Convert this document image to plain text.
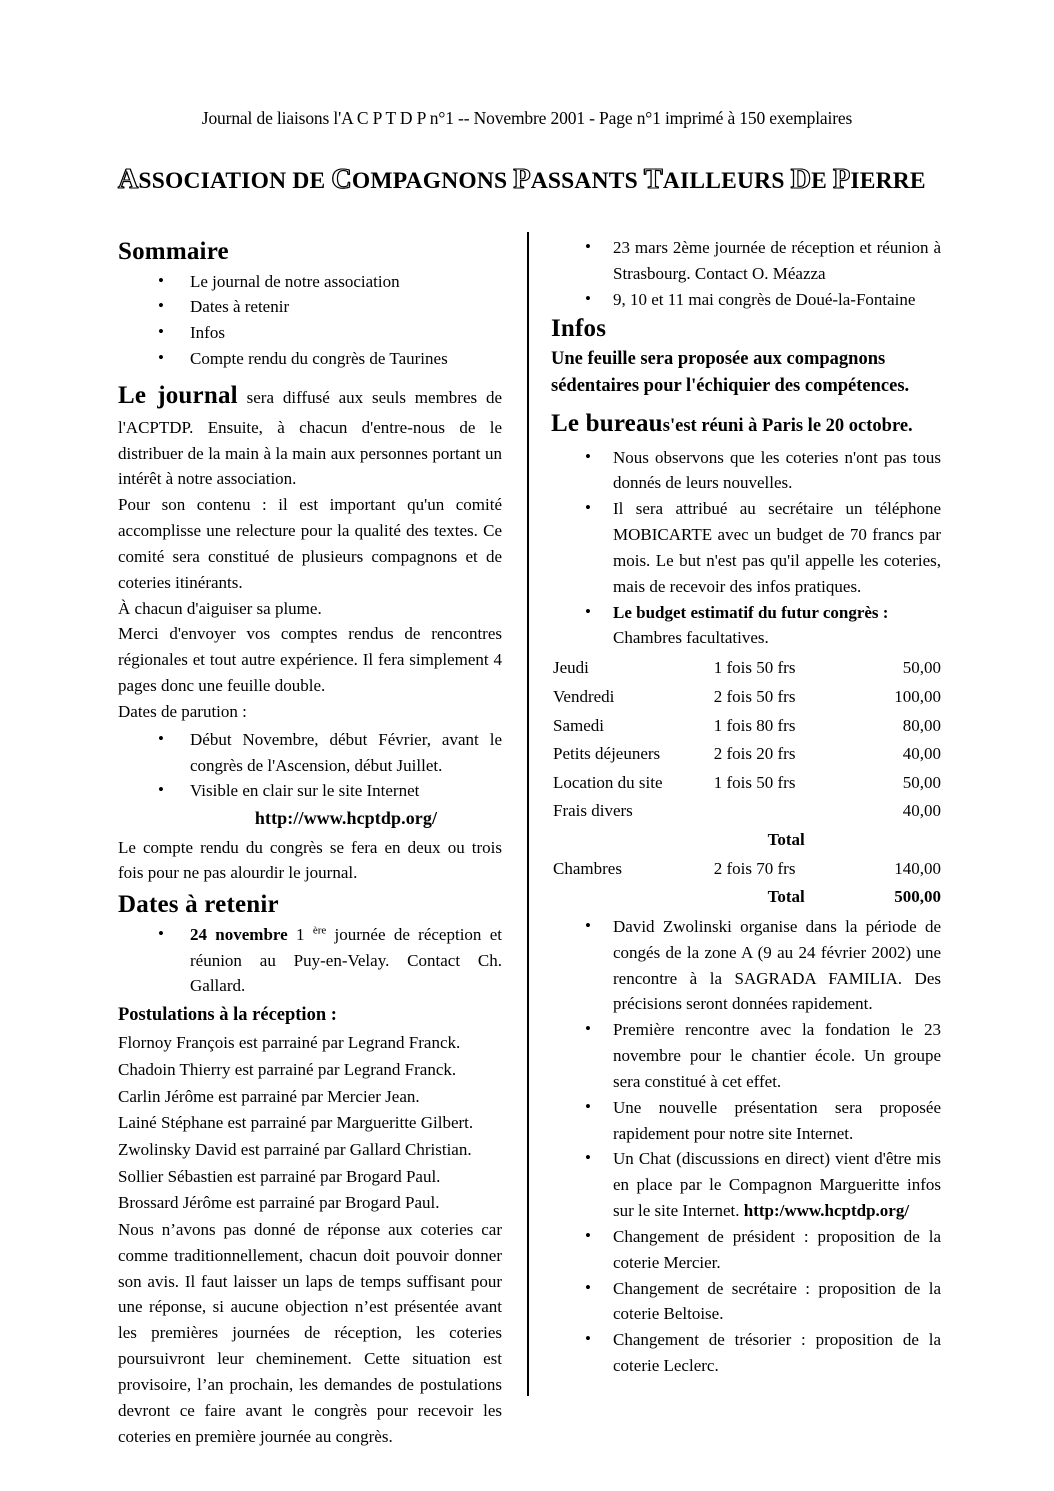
Journal de liaisons l'A C P T D P n°1 -- Novembre 2001 - Page n°1 imprimé à 150 exemplaires
ASSOCIATION DE COMPAGNONS PASSANTS TAILLEURS DE PIERRE
Sommaire
• Le journal de notre association
• Dates à retenir
• Infos
• Compte rendu du congrès de Taurines

Le journal sera diffusé aux seuls membres de l'ACPTDP. Ensuite, à chacun d'entre-nous de le distribuer de la main à la main aux personnes portant un intérêt à notre association.

Pour son contenu : il est important qu'un comité accomplisse une relecture pour la qualité des textes. Ce comité sera constitué de plusieurs compagnons et de coteries itinérants.

À chacun d'aiguiser sa plume.

Merci d'envoyer vos comptes rendus de rencontres régionales et tout autre expérience. Il fera simplement 4 pages donc une feuille double.

Dates de parution :

• Début Novembre, début Février, avant le congrès de l'Ascension, début Juillet.
• Visible en clair sur le site Internet
http://www.hcptdp.org/

Le compte rendu du congrès se fera en deux ou trois fois pour ne pas alourdir le journal.

Dates à retenir
• 24 novembre 1 $^{ère}$ journée de réception et réunion au Puy-en-Velay. Contact Ch. Gallard.
Postulations à la réception :
Flornoy François est parrainé par Legrand Franck.
Chadoin Thierry est parrainé par Legrand Franck.
Carlin Jérôme est parrainé par Mercier Jean.
Lainé Stéphane est parrainé par Margueritte Gilbert.
Zwolinsky David est parrainé par Gallard Christian.
Sollier Sébastien est parrainé par Brogard Paul.
Brossard Jérôme est parrainé par Brogard Paul.

Nous n’avons pas donné de réponse aux coteries car comme traditionnellement, chacun doit pouvoir donner son avis. Il faut laisser un laps de temps suffisant pour une réponse, si aucune objection n’est présentée avant les premières journées de réception, les coteries poursuivront leur cheminement. Cette situation est provisoire, l’an prochain, les demandes de postulations devront ce faire avant le congrès pour recevoir les coteries en première journée au congrès.

• 23 mars 2ème journée de réception et réunion à Strasbourg. Contact O. Méazza
• 9, 10 et 11 mai congrès de Doué-la-Fontaine
Infos
Une feuille sera proposée aux compagnons sédentaires pour l'échiquier des compétences.

Le bureaus'est réuni à Paris le 20 octobre.

• Nous observons que les coteries n'ont pas tous donnés de leurs nouvelles.
• Il sera attribué au secrétaire un téléphone MOBICARTE avec un budget de 70 francs par mois. Le but n'est pas qu'il appelle les coteries, mais de recevoir des infos pratiques.
• Le budget estimatif du futur congrès :
Chambres facultatives.
Jeudi	1 fois 50 frs	50,00
Vendredi	2 fois 50 frs	100,00
Samedi	1 fois 80 frs	80,00
Petits déjeuners	2 fois 20 frs	40,00
Location du site	1 fois 50 frs	50,00
Frais divers		40,00
	Total	
Chambres	2 fois 70 frs	140,00
	Total	500,00
• David Zwolinski organise dans la période de congés de la zone A (9 au 24 février 2002) une rencontre à la SAGRADA FAMILIA. Des précisions seront données rapidement.
• Première rencontre avec la fondation le 23 novembre pour le chantier école. Un groupe sera constitué à cet effet.
• Une nouvelle présentation sera proposée rapidement pour notre site Internet.
• Un Chat (discussions en direct) vient d'être mis en place par le Compagnon Margueritte infos sur le site Internet. http:/www.hcptdp.org/
• Changement de président : proposition de la coterie Mercier.
• Changement de secrétaire : proposition de la coterie Beltoise.
• Changement de trésorier : proposition de la coterie Leclerc.
